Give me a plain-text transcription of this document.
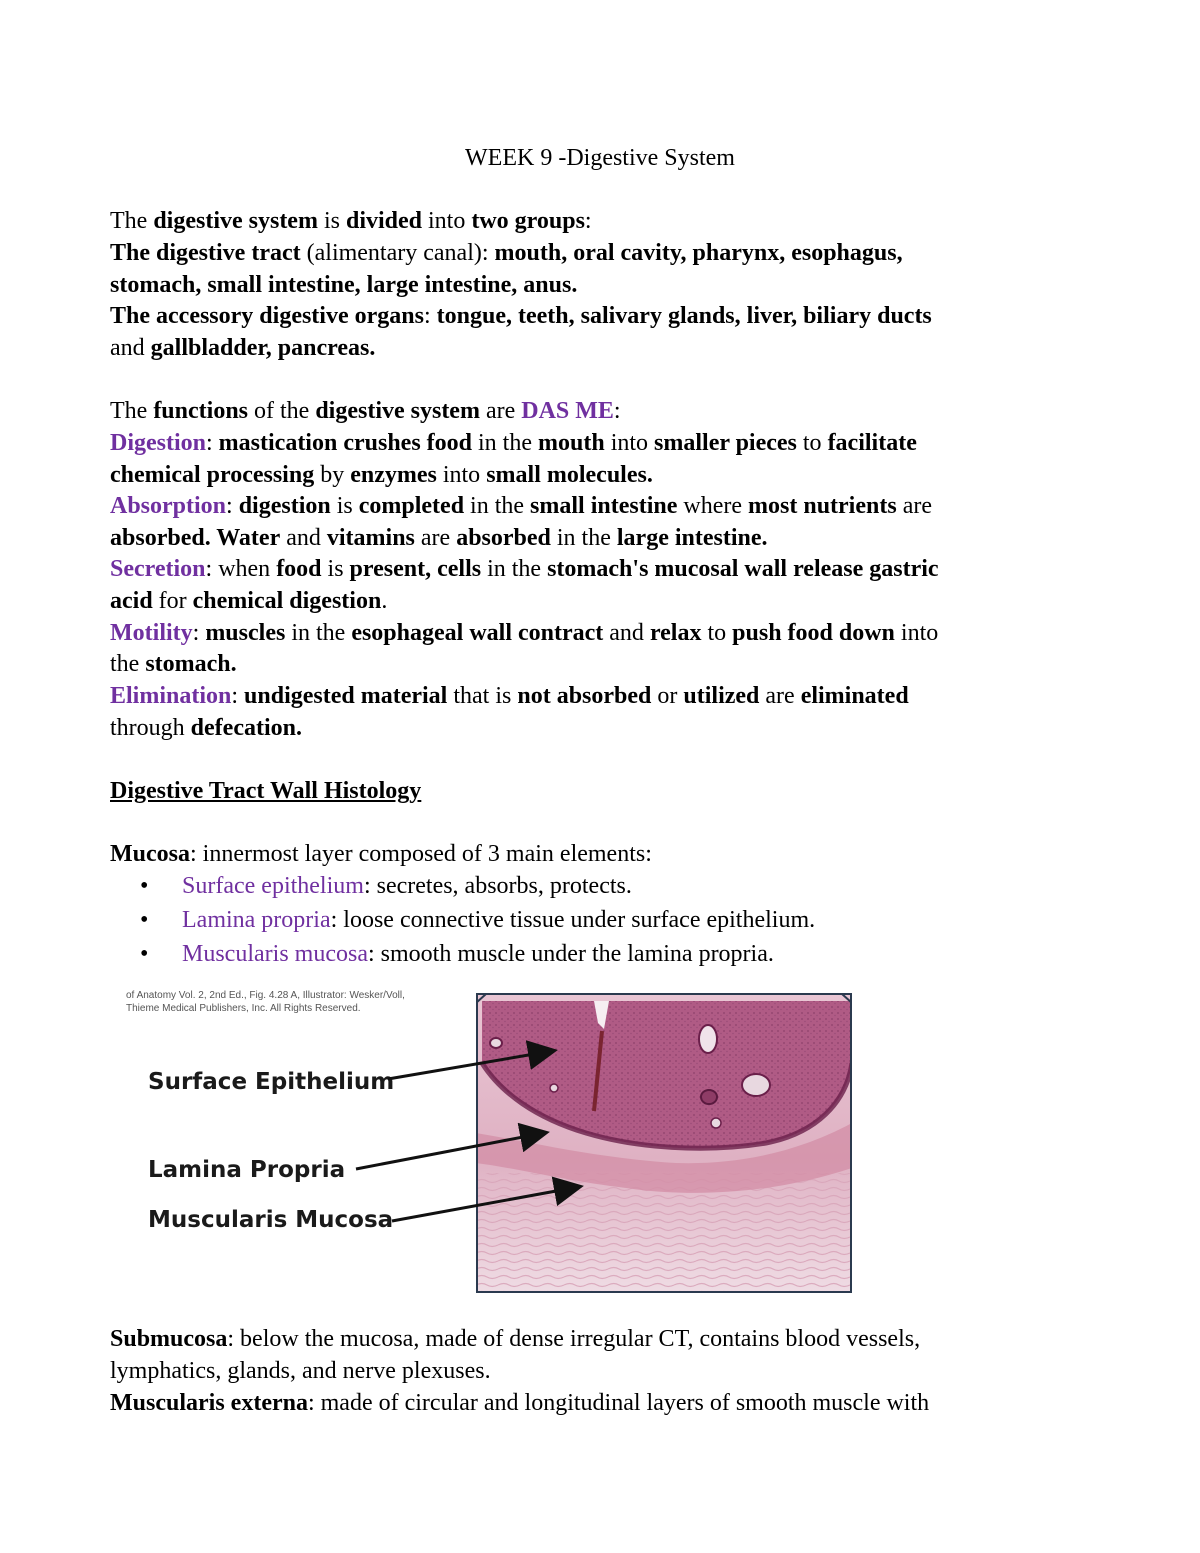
WEEK 9 -Digestive System
The digestive system is divided into two groups:
The digestive tract (alimentary canal): mouth, oral cavity, pharynx, esophagus,
stomach, small intestine, large intestine, anus.
The accessory digestive organs: tongue, teeth, salivary glands, liver, biliary ducts
and gallbladder, pancreas.
The functions of the digestive system are DAS ME:
Digestion: mastication crushes food in the mouth into smaller pieces to facilitate
chemical processing by enzymes into small molecules.
Absorption: digestion is completed in the small intestine where most nutrients are
absorbed. Water and vitamins are absorbed in the large intestine.
Secretion: when food is present, cells in the stomach's mucosal wall release gastric
acid for chemical digestion.
Motility: muscles in the esophageal wall contract and relax to push food down into
the stomach.
Elimination: undigested material that is not absorbed or utilized are eliminated
through defecation.
Digestive Tract Wall Histology
Mucosa: innermost layer composed of 3 main elements:
• Surface epithelium: secretes, absorbs, protects.
• Lamina propria: loose connective tissue under surface epithelium.
• Muscularis mucosa: smooth muscle under the lamina propria.
of Anatomy Vol. 2, 2nd Ed., Fig. 4.28 A, Illustrator: Wesker/Voll,
Thieme Medical Publishers, Inc. All Rights Reserved.
Surface Epithelium
Lamina Propria
Muscularis Mucosa
Submucosa: below the mucosa, made of dense irregular CT, contains blood vessels,
lymphatics, glands, and nerve plexuses.
Muscularis externa: made of circular and longitudinal layers of smooth muscle with
